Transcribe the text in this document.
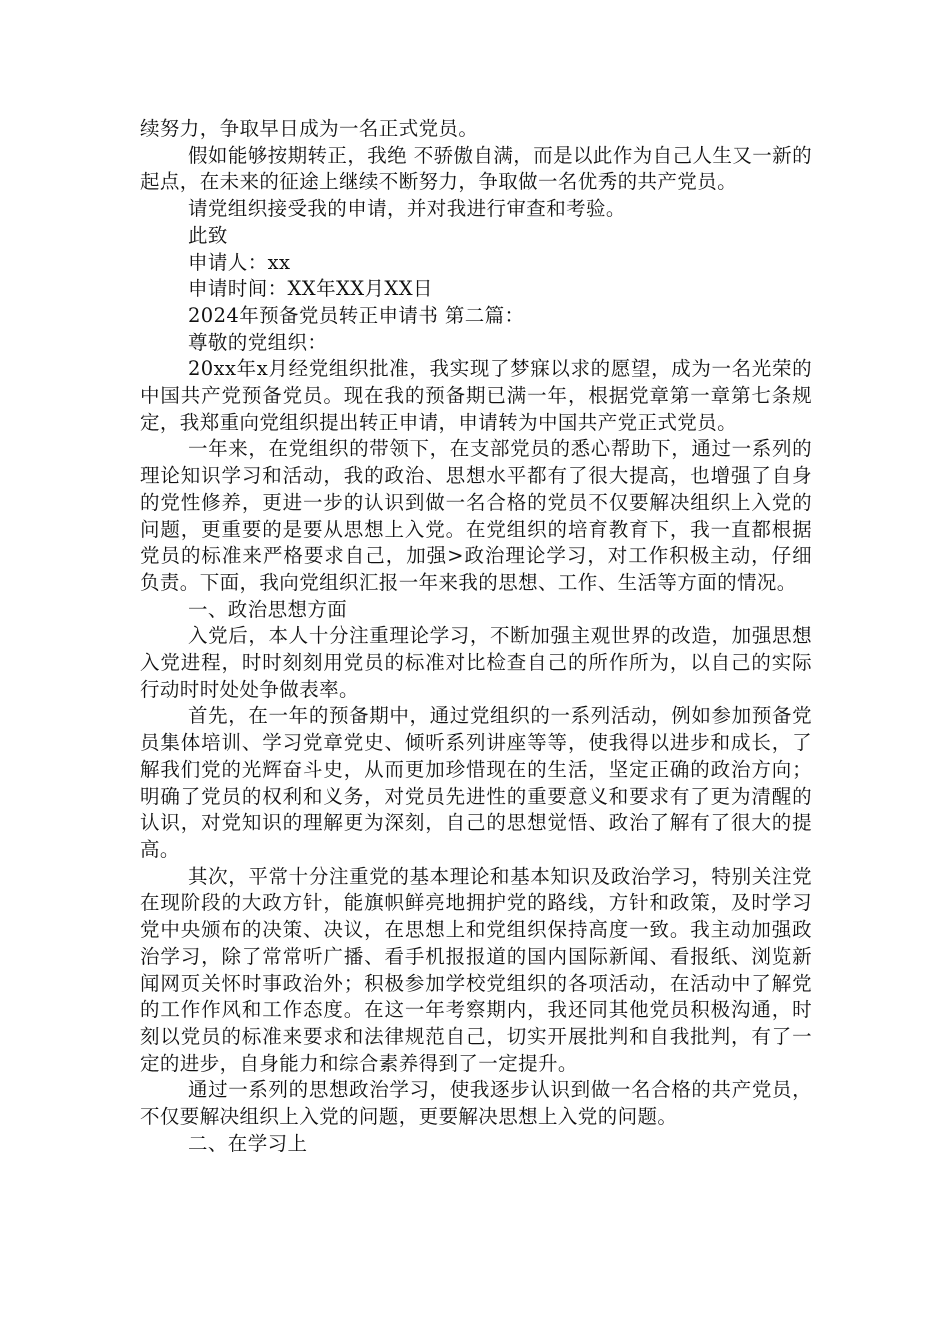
续努力，争取早日成为一名正式党员。

假如能够按期转正，我绝 不骄傲自满，而是以此作为自己人生又一新的起点，在未来的征途上继续不断努力，争取做一名优秀的共产党员。

请党组织接受我的申请，并对我进行审查和考验。

此致

申请人：xx

申请时间：XX年XX月XX日

2024年预备党员转正申请书 第二篇：

尊敬的党组织：

20xx年x月经党组织批准，我实现了梦寐以求的愿望，成为一名光荣的中国共产党预备党员。现在我的预备期已满一年，根据党章第一章第七条规定，我郑重向党组织提出转正申请，申请转为中国共产党正式党员。

一年来，在党组织的带领下，在支部党员的悉心帮助下，通过一系列的理论知识学习和活动，我的政治、思想水平都有了很大提高，也增强了自身的党性修养，更进一步的认识到做一名合格的党员不仅要解决组织上入党的问题，更重要的是要从思想上入党。在党组织的培育教育下，我一直都根据党员的标准来严格要求自己，加强>政治理论学习，对工作积极主动，仔细负责。下面，我向党组织汇报一年来我的思想、工作、生活等方面的情况。

一、政治思想方面

入党后，本人十分注重理论学习，不断加强主观世界的改造，加强思想入党进程，时时刻刻用党员的标准对比检查自己的所作所为，以自己的实际行动时时处处争做表率。

首先，在一年的预备期中，通过党组织的一系列活动，例如参加预备党员集体培训、学习党章党史、倾听系列讲座等等，使我得以进步和成长，了解我们党的光辉奋斗史，从而更加珍惜现在的生活，坚定正确的政治方向；明确了党员的权利和义务，对党员先进性的重要意义和要求有了更为清醒的认识，对党知识的理解更为深刻，自己的思想觉悟、政治了解有了很大的提高。

其次，平常十分注重党的基本理论和基本知识及政治学习，特别关注党在现阶段的大政方针，能旗帜鲜亮地拥护党的路线，方针和政策，及时学习党中央颁布的决策、决议，在思想上和党组织保持高度一致。我主动加强政治学习，除了常常听广播、看手机报报道的国内国际新闻、看报纸、浏览新闻网页关怀时事政治外；积极参加学校党组织的各项活动，在活动中了解党的工作作风和工作态度。在这一年考察期内，我还同其他党员积极沟通，时刻以党员的标准来要求和法律规范自己，切实开展批判和自我批判，有了一定的进步，自身能力和综合素养得到了一定提升。

通过一系列的思想政治学习，使我逐步认识到做一名合格的共产党员，不仅要解决组织上入党的问题，更要解决思想上入党的问题。

二、在学习上
